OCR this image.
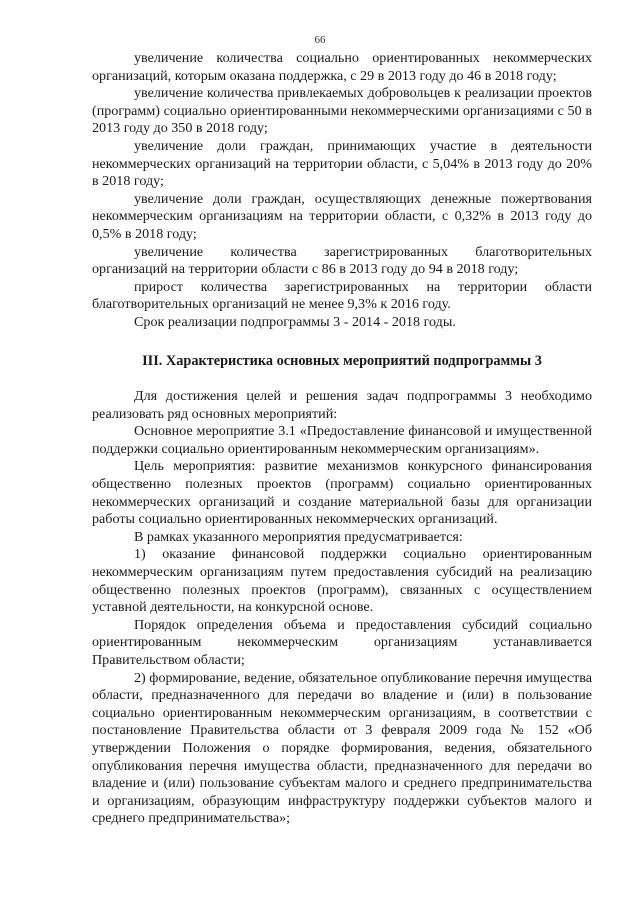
66

увеличение количества социально ориентированных некоммерческих организаций, которым оказана поддержка, с 29 в 2013 году до 46 в 2018 году;

увеличение количества привлекаемых добровольцев к реализации проектов (программ) социально ориентированными некоммерческими организациями с 50 в 2013 году до 350 в 2018 году;

увеличение доли граждан, принимающих участие в деятельности некоммерческих организаций на территории области, с 5,04% в 2013 году до 20% в 2018 году;

увеличение доли граждан, осуществляющих денежные пожертвования некоммерческим организациям на территории области, с 0,32% в 2013 году до 0,5% в 2018 году;

увеличение количества зарегистрированных благотворительных организаций на территории области с 86 в 2013 году до 94 в 2018 году;

прирост количества зарегистрированных на территории области благотворительных организаций не менее 9,3% к 2016 году.

Срок реализации подпрограммы 3 - 2014 - 2018 годы.

III. Характеристика основных мероприятий подпрограммы 3

Для достижения целей и решения задач подпрограммы 3 необходимо реализовать ряд основных мероприятий:

Основное мероприятие 3.1 «Предоставление финансовой и имущественной поддержки социально ориентированным некоммерческим организациям».

Цель мероприятия: развитие механизмов конкурсного финансирования общественно полезных проектов (программ) социально ориентированных некоммерческих организаций и создание материальной базы для организации работы социально ориентированных некоммерческих организаций.

В рамках указанного мероприятия предусматривается:

1) оказание финансовой поддержки социально ориентированным некоммерческим организациям путем предоставления субсидий на реализацию общественно полезных проектов (программ), связанных с осуществлением уставной деятельности, на конкурсной основе.

Порядок определения объема и предоставления субсидий социально ориентированным некоммерческим организациям устанавливается Правительством области;

2) формирование, ведение, обязательное опубликование перечня имущества области, предназначенного для передачи во владение и (или) в пользование социально ориентированным некоммерческим организациям, в соответствии с постановление Правительства области от 3 февраля 2009 года № 152 «Об утверждении Положения о порядке формирования, ведения, обязательного опубликования перечня имущества области, предназначенного для передачи во владение и (или) пользование субъектам малого и среднего предпринимательства и организациям, образующим инфраструктуру поддержки субъектов малого и среднего предпринимательства»;
